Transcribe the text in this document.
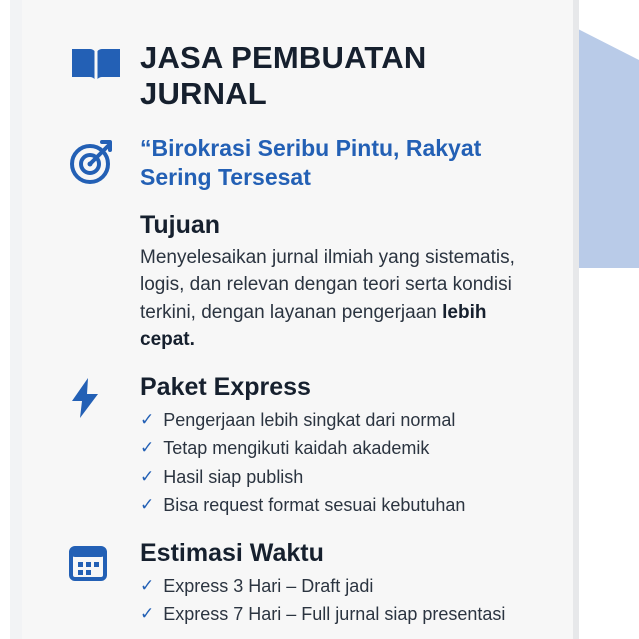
JASA PEMBUATAN JURNAL

“Birokrasi Seribu Pintu, Rakyat Sering Tersesat

Tujuan

Menyelesaikan jurnal ilmiah yang sistematis, logis, dan relevan dengan teori serta kondisi terkini, dengan layanan pengerjaan lebih cepat.

Paket Express
✓ Pengerjaan lebih singkat dari normal
✓ Tetap mengikuti kaidah akademik
✓ Hasil siap publish
✓ Bisa request format sesuai kebutuhan
Estimasi Waktu
✓ Express 3 Hari – Draft jadi
✓ Express 7 Hari – Full jurnal siap presentasi
